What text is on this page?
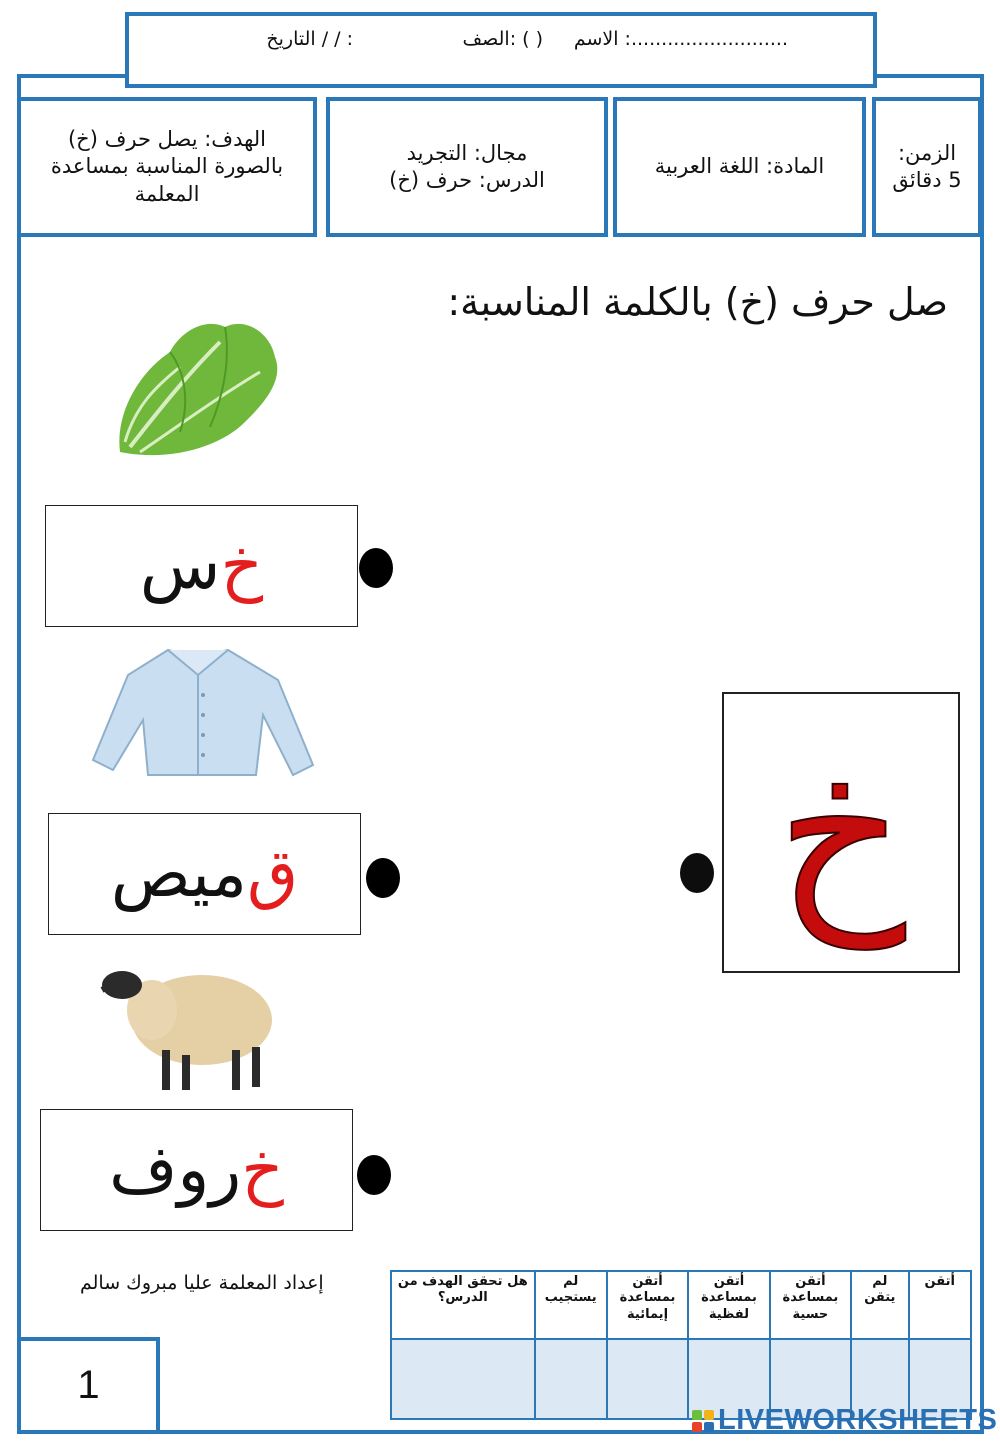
الاسم :..........................
الصف: ( )
التاريخ / / :
الزمن:
5 دقائق
المادة: اللغة العربية
مجال: التجريد
الدرس: حرف (خ)
الهدف: يصل حرف (خ) بالصورة المناسبة بمساعدة المعلمة
صل حرف (خ) بالكلمة المناسبة:
خ
س
ق
ميص
خ
روف
خ
إعداد المعلمة عليا مبروك سالم	أتقن	لم يتقن	أتقن بمساعدة حسية	أتقن بمساعدة لفظية	أتقن بمساعدة إيمائية	لم يستجيب	هل تحقق الهدف من الدرس؟

1
LIVEWORKSHEETS
